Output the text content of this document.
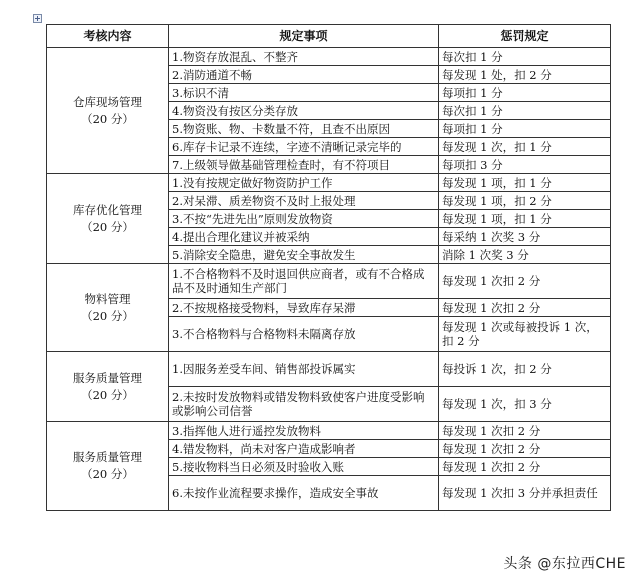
考核内容	规定事项	惩罚规定

仓库现场管理
（20 分）	1.物资存放混乱、不整齐	每次扣 1 分
	2.消防通道不畅	每发现 1 处，扣 2 分
	3.标识不清	每项扣 1 分
	4.物资没有按区分类存放	每次扣 1 分
	5.物资账、物、卡数量不符，且查不出原因	每项扣 1 分
	6.库存卡记录不连续，字迹不清晰记录完毕的	每发现 1 次，扣 1 分
	7.上级领导做基础管理检查时，有不符项目	每项扣 3 分

库存优化管理
（20 分）	1.没有按规定做好物资防护工作	每发现 1 项，扣 1 分
	2.对呆滞、质差物资不及时上报处理	每发现 1 项，扣 2 分
	3.不按“先进先出”原则发放物资	每发现 1 项，扣 1 分
	4.提出合理化建议并被采纳	每采纳 1 次奖 3 分
	5.消除安全隐患，避免安全事故发生	消除 1 次奖 3 分

物料管理
（20 分）	1.不合格物料不及时退回供应商者，或有不合格成品不及时通知生产部门	每发现 1 次扣 2 分
	2.不按规格接受物料，导致库存呆滞	每发现 1 次扣 2 分
	3.不合格物料与合格物料未隔离存放	每发现 1 次或每被投诉 1 次，扣 2 分

服务质量管理
（20 分）	1.因服务差受车间、销售部投诉属实	每投诉 1 次，扣 2 分
	2.未按时发放物料或错发物料致使客户进度受影响或影响公司信誉	每发现 1 次，扣 3 分

服务质量管理
（20 分）	3.指挥他人进行遥控发放物料	每发现 1 次扣 2 分
	4.错发物料，尚未对客户造成影响者	每发现 1 次扣 2 分
	5.接收物料当日必须及时验收入账	每发现 1 次扣 2 分
	6.未按作业流程要求操作，造成安全事故	每发现 1 次扣 3 分并承担责任
头条 @东拉西CHE
